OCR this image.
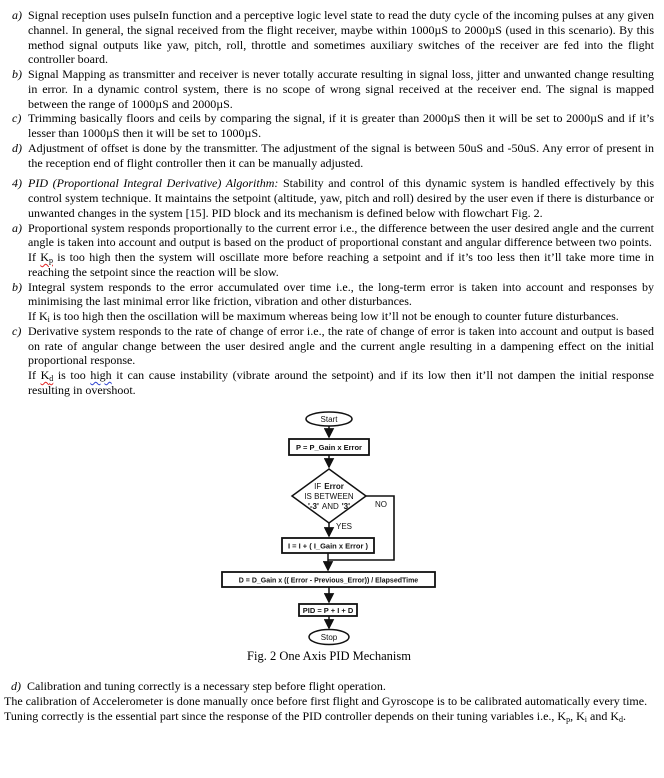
a) Signal reception uses pulseIn function and a perceptive logic level state to read the duty cycle of the incoming pulses at any given channel. In general, the signal received from the flight receiver, maybe within 1000µS to 2000µS (used in this scenario). By this method signal outputs like yaw, pitch, roll, throttle and sometimes auxiliary switches of the receiver are fed into the flight controller board.
b) Signal Mapping as transmitter and receiver is never totally accurate resulting in signal loss, jitter and unwanted change resulting in error. In a dynamic control system, there is no scope of wrong signal received at the receiver end. The signal is mapped between the range of 1000µS and 2000µS.
c) Trimming basically floors and ceils by comparing the signal, if it is greater than 2000µS then it will be set to 2000µS and if it’s lesser than 1000µS then it will be set to 1000µS.
d) Adjustment of offset is done by the transmitter. The adjustment of the signal is between 50uS and -50uS. Any error of present in the reception end of flight controller then it can be manually adjusted.
4) PID (Proportional Integral Derivative) Algorithm: Stability and control of this dynamic system is handled effectively by this control system technique. It maintains the setpoint (altitude, yaw, pitch and roll) desired by the user even if there is disturbance or unwanted changes in the system [15]. PID block and its mechanism is defined below with flowchart Fig. 2.
a) Proportional system responds proportionally to the current error i.e., the difference between the user desired angle and the current angle is taken into account and output is based on the product of proportional constant and angular difference between two points.
If $K_p$ is too high then the system will oscillate more before reaching a setpoint and if it’s too less then it’ll take more time in reaching the setpoint since the reaction will be slow.
b) Integral system responds to the error accumulated over time i.e., the long-term error is taken into account and responses by minimising the last minimal error like friction, vibration and other disturbances.
If $K_i$ is too high then the oscillation will be maximum whereas being low it’ll not be enough to counter future disturbances.
c) Derivative system responds to the rate of change of error i.e., the rate of change of error is taken into account and output is based on rate of angular change between the user desired angle and the current angle resulting in a dampening effect on the initial proportional response.
If $K_d$ is too high it can cause instability (vibrate around the setpoint) and if its low then it’ll not dampen the initial response resulting in overshoot.
Start
P = P_Gain x Error
IF Error
IS BETWEEN
'-3' AND '3'	NO
YES
I = I + ( I_Gain x Error )
D = D_Gain x (( Error - Previous_Error)) / ElapsedTime
PID = P + I + D
Stop
Fig. 2 One Axis PID Mechanism
d) Calibration and tuning correctly is a necessary step before flight operation.
The calibration of Accelerometer is done manually once before first flight and Gyroscope is to be calibrated automatically every time.
Tuning correctly is the essential part since the response of the PID controller depends on their tuning variables i.e., $K_p$, $K_i$ and $K_d$.
